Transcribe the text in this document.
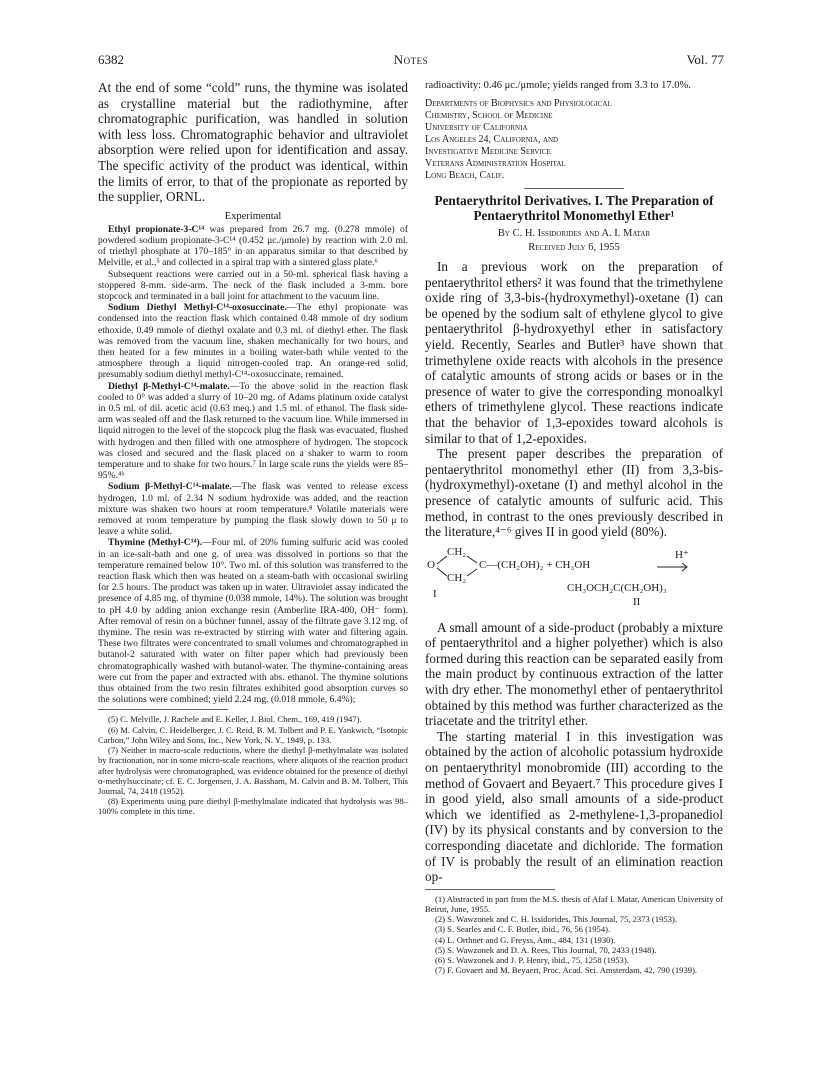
6382	Notes	Vol. 77

At the end of some “cold” runs, the thymine was isolated as crystalline material but the radiothymine, after chromatographic purification, was handled in solution with less loss. Chromatographic behavior and ultraviolet absorption were relied upon for identification and assay. The specific activity of the product was identical, within the limits of error, to that of the propionate as reported by the supplier, ORNL.

Experimental

Ethyl propionate-3-C¹⁴ was prepared from 26.7 mg. (0.278 mmole) of powdered sodium propionate-3-C¹⁴ (0.452 μc./μmole) by reaction with 2.0 ml. of triethyl phosphate at 170–185° in an apparatus similar to that described by Melville, et al.,⁵ and collected in a spiral trap with a sintered glass plate.⁶

Subsequent reactions were carried out in a 50-ml. spherical flask having a stoppered 8-mm. side-arm. The neck of the flask included a 3-mm. bore stopcock and terminated in a ball joint for attachment to the vacuum line.

Sodium Diethyl Methyl-C¹⁴-oxosuccinate.—The ethyl propionate was condensed into the reaction flask which contained 0.48 mmole of dry sodium ethoxide, 0.49 mmole of diethyl oxalate and 0.3 ml. of diethyl ether. The flask was removed from the vacuum line, shaken mechanically for two hours, and then heated for a few minutes in a boiling water-bath while vented to the atmosphere through a liquid nitrogen-cooled trap. An orange-red solid, presumably sodium diethyl methyl-C¹⁴-oxosuccinate, remained.

Diethyl β-Methyl-C¹⁴-malate.—To the above solid in the reaction flask cooled to 0° was added a slurry of 10–20 mg. of Adams platinum oxide catalyst in 0.5 ml. of dil. acetic acid (0.63 meq.) and 1.5 ml. of ethanol. The flask side-arm was sealed off and the flask returned to the vacuum line. While immersed in liquid nitrogen to the level of the stopcock plug the flask was evacuated, flushed with hydrogen and then filled with one atmosphere of hydrogen. The stopcock was closed and secured and the flask placed on a shaker to warm to room temperature and to shake for two hours.⁷ In large scale runs the yields were 85–95%.⁴ᵇ

Sodium β-Methyl-C¹⁴-malate.—The flask was vented to release excess hydrogen, 1.0 ml. of 2.34 N sodium hydroxide was added, and the reaction mixture was shaken two hours at room temperature.⁸ Volatile materials were removed at room temperature by pumping the flask slowly down to 50 μ to leave a white solid.

Thymine (Methyl-C¹⁴).—Four ml. of 20% fuming sulfuric acid was cooled in an ice-salt-bath and one g. of urea was dissolved in portions so that the temperature remained below 10°. Two ml. of this solution was transferred to the reaction flask which then was heated on a steam-bath with occasional swirling for 2.5 hours. The product was taken up in water. Ultraviolet assay indicated the presence of 4.85 mg. of thymine (0.038 mmole, 14%). The solution was brought to pH 4.0 by adding anion exchange resin (Amberlite IRA-400, OH⁻ form). After removal of resin on a büchner funnel, assay of the filtrate gave 3.12 mg. of thymine. The resin was re-extracted by stirring with water and filtering again. These two filtrates were concentrated to small volumes and chromatographed in butanol-2 saturated with water on filter paper which had previously been chromatographically washed with butanol-water. The thymine-containing areas were cut from the paper and extracted with abs. ethanol. The thymine solutions thus obtained from the two resin filtrates exhibited good absorption curves so the solutions were combined; yield 2.24 mg. (0.018 mmole, 6.4%);

(5) C. Melville, J. Rachele and E. Keller, J. Biol. Chem., 169, 419 (1947).

(6) M. Calvin, C. Heidelberger, J. C. Reid, B. M. Tolbert and P. E. Yankwich, “Isotopic Carbon,” John Wiley and Sons, Inc., New York, N. Y., 1949, p. 133.

(7) Neither in macro-scale reductions, where the diethyl β-methylmalate was isolated by fractionation, nor in some micro-scale reactions, where aliquots of the reaction product after hydrolysis were chromatographed, was evidence obtained for the presence of diethyl α-methylsuccinate; cf. E. C. Jorgensen, J. A. Bassham, M. Calvin and B. M. Tolbert, This Journal, 74, 2418 (1952).

(8) Experiments using pure diethyl β-methylmalate indicated that hydrolysis was 98–100% complete in this time.

radioactivity: 0.46 μc./μmole; yields ranged from 3.3 to 17.0%.

Departments of Biophysics and Physiological
Chemistry, School of Medicine
University of California
Los Angeles 24, California, and
Investigative Medicine Service
Veterans Administration Hospital
Long Beach, Calif.
Pentaerythritol Derivatives. I. The Preparation of Pentaerythritol Monomethyl Ether¹
By C. H. Issidorides and A. I. Matar
Received July 6, 1955

In a previous work on the preparation of pentaerythritol ethers² it was found that the trimethylene oxide ring of 3,3-bis-(hydroxymethyl)-oxetane (I) can be opened by the sodium salt of ethylene glycol to give pentaerythritol β-hydroxyethyl ether in satisfactory yield. Recently, Searles and Butler³ have shown that trimethylene oxide reacts with alcohols in the presence of catalytic amounts of strong acids or bases or in the presence of water to give the corresponding monoalkyl ethers of trimethylene glycol. These reactions indicate that the behavior of 1,3-epoxides toward alcohols is similar to that of 1,2-epoxides.

The present paper describes the preparation of pentaerythritol monomethyl ether (II) from 3,3-bis-(hydroxymethyl)-oxetane (I) and methyl alcohol in the presence of catalytic amounts of sulfuric acid. This method, in contrast to the ones previously described in the literature,⁴⁻⁶ gives II in good yield (80%).

CH₂
O
CH₂
C—(CH₂OH)₂ + CH₃OH
H⁺
CH₃OCH₂C(CH₂OH)₃
I
II

A small amount of a side-product (probably a mixture of pentaerythritol and a higher polyether) which is also formed during this reaction can be separated easily from the main product by continuous extraction of the latter with dry ether. The monomethyl ether of pentaerythritol obtained by this method was further characterized as the triacetate and the tritrityl ether.

The starting material I in this investigation was obtained by the action of alcoholic potassium hydroxide on pentaerythrityl monobromide (III) according to the method of Govaert and Beyaert.⁷ This procedure gives I in good yield, also small amounts of a side-product which we identified as 2-methylene-1,3-propanediol (IV) by its physical constants and by conversion to the corresponding diacetate and dichloride. The formation of IV is probably the result of an elimination reaction op-

(1) Abstracted in part from the M.S. thesis of Afaf I. Matar, American University of Beirut, June, 1955.

(2) S. Wawzonek and C. H. Issidorides, This Journal, 75, 2373 (1953).

(3) S. Searles and C. F. Butler, ibid., 76, 56 (1954).

(4) L. Orthner and G. Freyss, Ann., 484, 131 (1930).

(5) S. Wawzonek and D. A. Rees, This Journal, 70, 2433 (1948).

(6) S. Wawzonek and J. P. Henry, ibid., 75, 1258 (1953).

(7) F. Govaert and M. Beyaert, Proc. Acad. Sci. Amsterdam, 42, 790 (1939).
